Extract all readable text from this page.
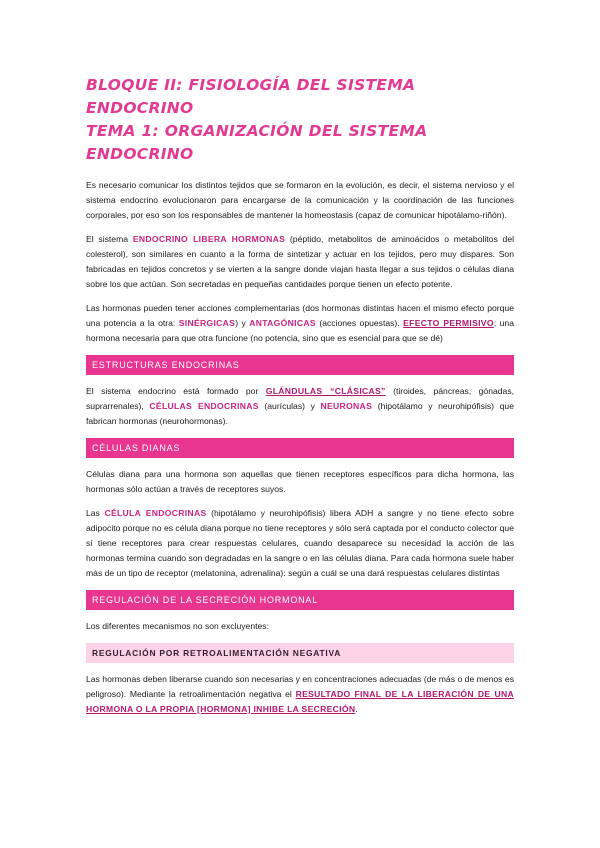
BLOQUE II: FISIOLOGÍA DEL SISTEMA ENDOCRINO
TEMA 1: ORGANIZACIÓN DEL SISTEMA ENDOCRINO

Es necesario comunicar los distintos tejidos que se formaron en la evolución, es decir, el sistema nervioso y el sistema endocrino evolucionaron para encargarse de la comunicación y la coordinación de las funciones corporales, por eso son los responsables de mantener la homeostasis (capaz de comunicar hipotálamo-riñón).

El sistema ENDOCRINO LIBERA HORMONAS (péptido, metabolitos de aminoácidos o metabolitos del colesterol), son similares en cuanto a la forma de sintetizar y actuar en los tejidos, pero muy dispares. Son fabricadas en tejidos concretos y se vierten a la sangre donde viajan hasta llegar a sus tejidos o células diana sobre los que actúan. Son secretadas en pequeñas cantidades porque tienen un efecto potente.

Las hormonas pueden tener acciones complementarias (dos hormonas distintas hacen el mismo efecto porque una potencia a la otra: SINÉRGICAS) y ANTAGÓNICAS (acciones opuestas). EFECTO PERMISIVO: una hormona necesaria para que otra funcione (no potencia, sino que es esencial para que se dé)

ESTRUCTURAS ENDOCRINAS

El sistema endocrino está formado por GLÁNDULAS “CLÁSICAS” (tiroides, páncreas, gónadas, suprarrenales), CÉLULAS ENDOCRINAS (aurículas) y NEURONAS (hipotálamo y neurohipófisis) que fabrican hormonas (neurohormonas).

CÉLULAS DIANAS

Células diana para una hormona son aquellas que tienen receptores específicos para dicha hormona, las hormonas sólo actúan a través de receptores suyos.

Las CÉLULA ENDOCRINAS (hipotálamo y neurohipófisis) libera ADH a sangre y no tiene efecto sobre adipocito porque no es célula diana porque no tiene receptores y sólo será captada por el conducto colector que sí tiene receptores para crear respuestas celulares, cuando desaparece su necesidad la acción de las hormonas termina cuando son degradadas en la sangre o en las células diana. Para cada hormona suele haber más de un tipo de receptor (melatonina, adrenalina): según a cuál se una dará respuestas celulares distintas

REGULACIÓN DE LA SECRECIÓN HORMONAL

Los diferentes mecanismos no son excluyentes:

REGULACIÓN POR RETROALIMENTACIÓN NEGATIVA

Las hormonas deben liberarse cuando son necesarias y en concentraciones adecuadas (de más o de menos es peligroso). Mediante la retroalimentación negativa el RESULTADO FINAL DE LA LIBERACIÓN DE UNA HORMONA O LA PROPIA [HORMONA] INHIBE LA SECRECIÓN.
